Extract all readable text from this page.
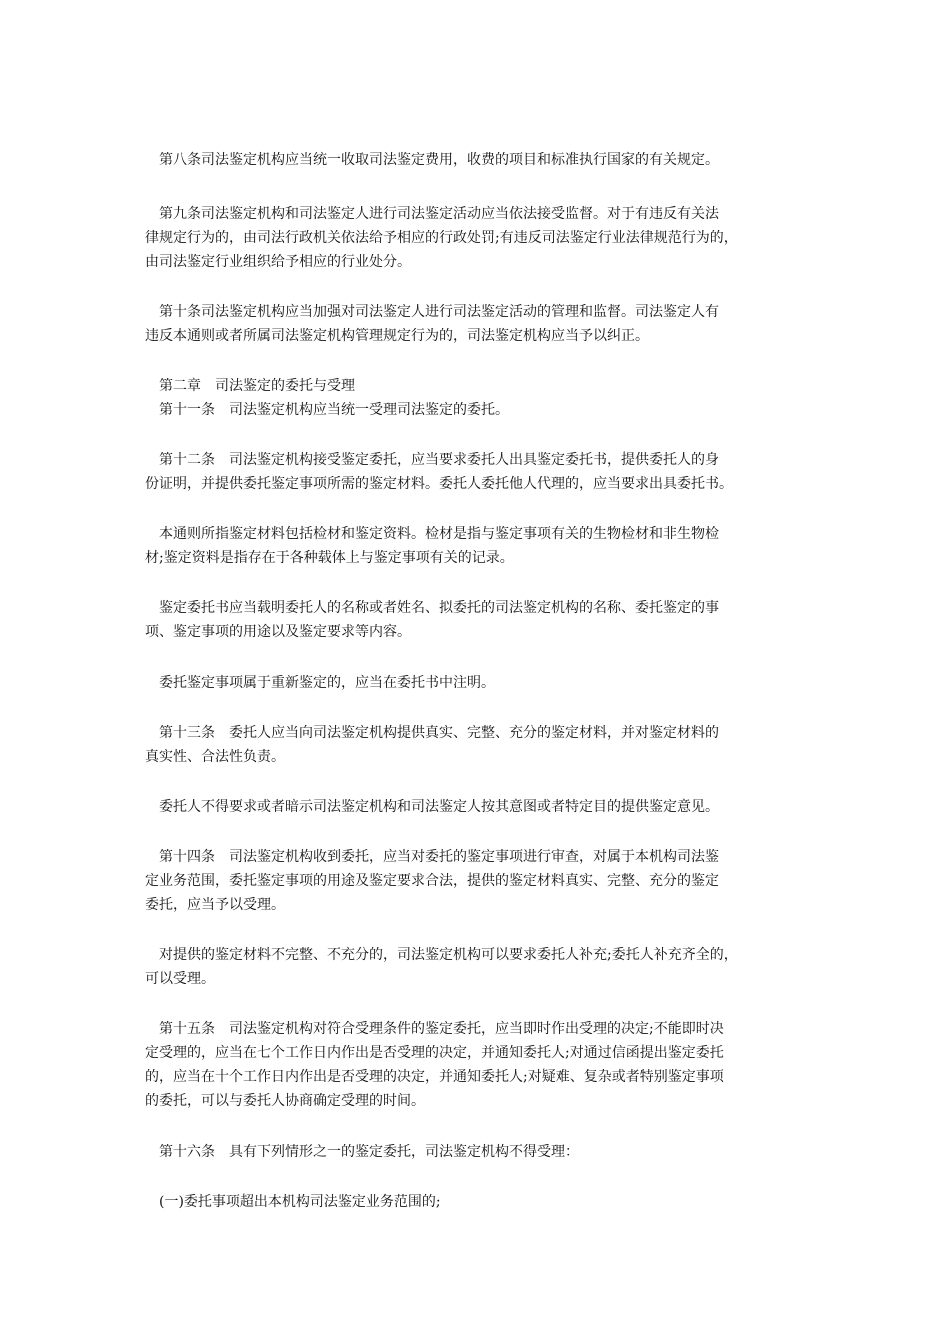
　第八条司法鉴定机构应当统一收取司法鉴定费用，收费的项目和标准执行国家的有关规定。
　第九条司法鉴定机构和司法鉴定人进行司法鉴定活动应当依法接受监督。对于有违反有关法
律规定行为的，由司法行政机关依法给予相应的行政处罚;有违反司法鉴定行业法律规范行为的，
由司法鉴定行业组织给予相应的行业处分。
　第十条司法鉴定机构应当加强对司法鉴定人进行司法鉴定活动的管理和监督。司法鉴定人有
违反本通则或者所属司法鉴定机构管理规定行为的，司法鉴定机构应当予以纠正。
　第二章　司法鉴定的委托与受理
　第十一条　司法鉴定机构应当统一受理司法鉴定的委托。
　第十二条　司法鉴定机构接受鉴定委托，应当要求委托人出具鉴定委托书，提供委托人的身
份证明，并提供委托鉴定事项所需的鉴定材料。委托人委托他人代理的，应当要求出具委托书。
　本通则所指鉴定材料包括检材和鉴定资料。检材是指与鉴定事项有关的生物检材和非生物检
材;鉴定资料是指存在于各种载体上与鉴定事项有关的记录。
　鉴定委托书应当载明委托人的名称或者姓名、拟委托的司法鉴定机构的名称、委托鉴定的事
项、鉴定事项的用途以及鉴定要求等内容。
　委托鉴定事项属于重新鉴定的，应当在委托书中注明。
　第十三条　委托人应当向司法鉴定机构提供真实、完整、充分的鉴定材料，并对鉴定材料的
真实性、合法性负责。
　委托人不得要求或者暗示司法鉴定机构和司法鉴定人按其意图或者特定目的提供鉴定意见。
　第十四条　司法鉴定机构收到委托，应当对委托的鉴定事项进行审查，对属于本机构司法鉴
定业务范围，委托鉴定事项的用途及鉴定要求合法，提供的鉴定材料真实、完整、充分的鉴定
委托，应当予以受理。
　对提供的鉴定材料不完整、不充分的，司法鉴定机构可以要求委托人补充;委托人补充齐全的，
可以受理。
　第十五条　司法鉴定机构对符合受理条件的鉴定委托，应当即时作出受理的决定;不能即时决
定受理的，应当在七个工作日内作出是否受理的决定，并通知委托人;对通过信函提出鉴定委托
的，应当在十个工作日内作出是否受理的决定，并通知委托人;对疑难、复杂或者特别鉴定事项
的委托，可以与委托人协商确定受理的时间。
　第十六条　具有下列情形之一的鉴定委托，司法鉴定机构不得受理：
　(一)委托事项超出本机构司法鉴定业务范围的;
